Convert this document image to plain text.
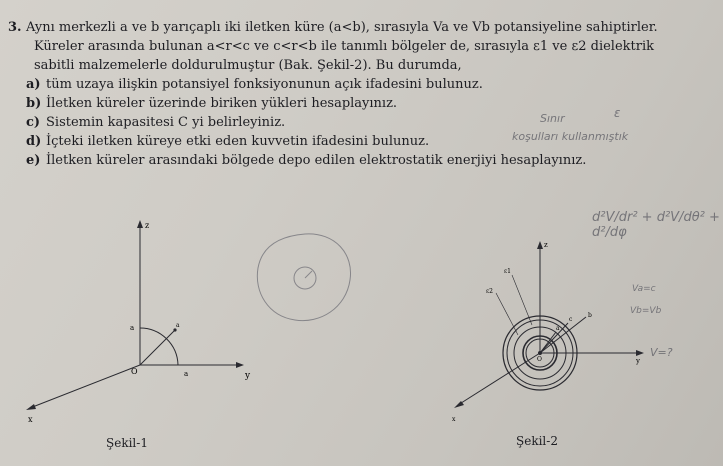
3. Aynı merkezli a ve b yarıçaplı iki iletken küre (a<b), sırasıyla Va ve Vb potansiyeline sahiptirler.
Küreler arasında bulunan a<r<c ve c<r<b ile tanımlı bölgeler de, sırasıyla ε1 ve ε2 dielektrik
sabitli malzemelerle doldurulmuştur (Bak. Şekil-2). Bu durumda,
a) tüm uzaya ilişkin potansiyel fonksiyonunun açık ifadesini bulunuz.
b) İletken küreler üzerinde biriken yükleri hesaplayınız.
c) Sistemin kapasitesi C yi belirleyiniz.
d) İçteki iletken küreye etki eden kuvvetin ifadesini bulunuz.
e) İletken küreler arasındaki bölgede depo edilen elektrostatik enerjiyi hesaplayınız.
Sınır
koşulları kullanmıştık
ε
d²V/dr² + d²V/dθ² + d²/dφ
Va=c
Vb=Vb
V=?
z
y
x
O
a
a
a
Şekil-1
z
y
x
O
a
c
b
ε1
ε2
Şekil-2
